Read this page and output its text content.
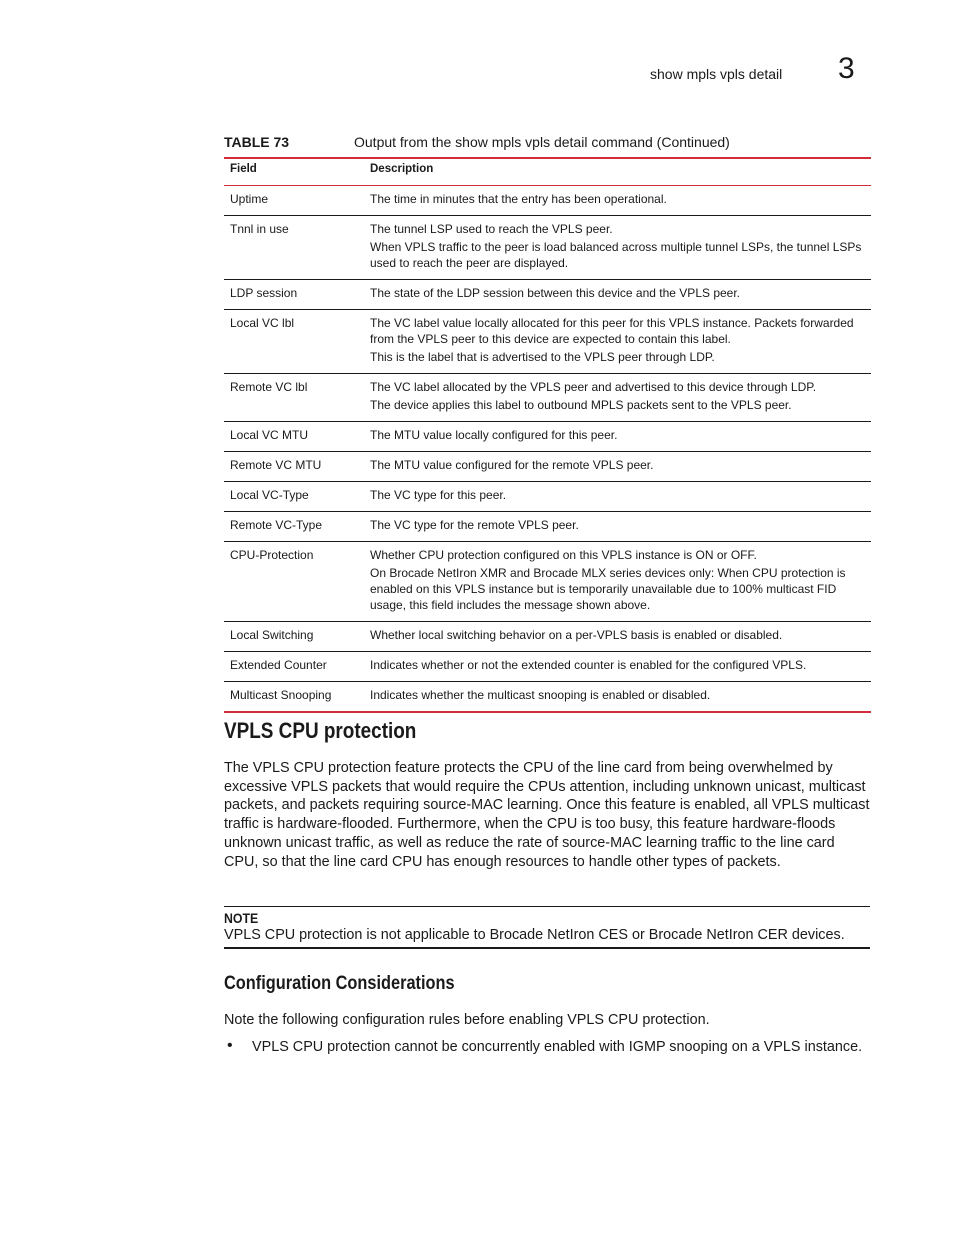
show mpls vpls detail 3
TABLE 73	Output from the show mpls vpls detail command (Continued)
Field	Description
Uptime	The time in minutes that the entry has been operational.

Tnnl in use	The tunnel LSP used to reach the VPLS peer.

When VPLS traffic to the peer is load balanced across multiple tunnel LSPs, the tunnel LSPs used to reach the peer are displayed.

LDP session	The state of the LDP session between this device and the VPLS peer.

Local VC lbl	The VC label value locally allocated for this peer for this VPLS instance. Packets forwarded from the VPLS peer to this device are expected to contain this label.

This is the label that is advertised to the VPLS peer through LDP.

Remote VC lbl	The VC label allocated by the VPLS peer and advertised to this device through LDP.

The device applies this label to outbound MPLS packets sent to the VPLS peer.

Local VC MTU	The MTU value locally configured for this peer.

Remote VC MTU	The MTU value configured for the remote VPLS peer.

Local VC-Type	The VC type for this peer.

Remote VC-Type	The VC type for the remote VPLS peer.

CPU-Protection	Whether CPU protection configured on this VPLS instance is ON or OFF.

On Brocade NetIron XMR and Brocade MLX series devices only: When CPU protection is enabled on this VPLS instance but is temporarily unavailable due to 100% multicast FID usage, this field includes the message shown above.

Local Switching	Whether local switching behavior on a per-VPLS basis is enabled or disabled.

Extended Counter	Indicates whether or not the extended counter is enabled for the configured VPLS.

Multicast Snooping	Indicates whether the multicast snooping is enabled or disabled.

VPLS CPU protection

The VPLS CPU protection feature protects the CPU of the line card from being overwhelmed by excessive VPLS packets that would require the CPUs attention, including unknown unicast, multicast packets, and packets requiring source-MAC learning. Once this feature is enabled, all VPLS multicast traffic is hardware-flooded. Furthermore, when the CPU is too busy, this feature hardware-floods unknown unicast traffic, as well as reduce the rate of source-MAC learning traffic to the line card CPU, so that the line card CPU has enough resources to handle other types of packets.

NOTE
VPLS CPU protection is not applicable to Brocade NetIron CES or Brocade NetIron CER devices.
Configuration Considerations

Note the following configuration rules before enabling VPLS CPU protection.

• VPLS CPU protection cannot be concurrently enabled with IGMP snooping on a VPLS instance.
